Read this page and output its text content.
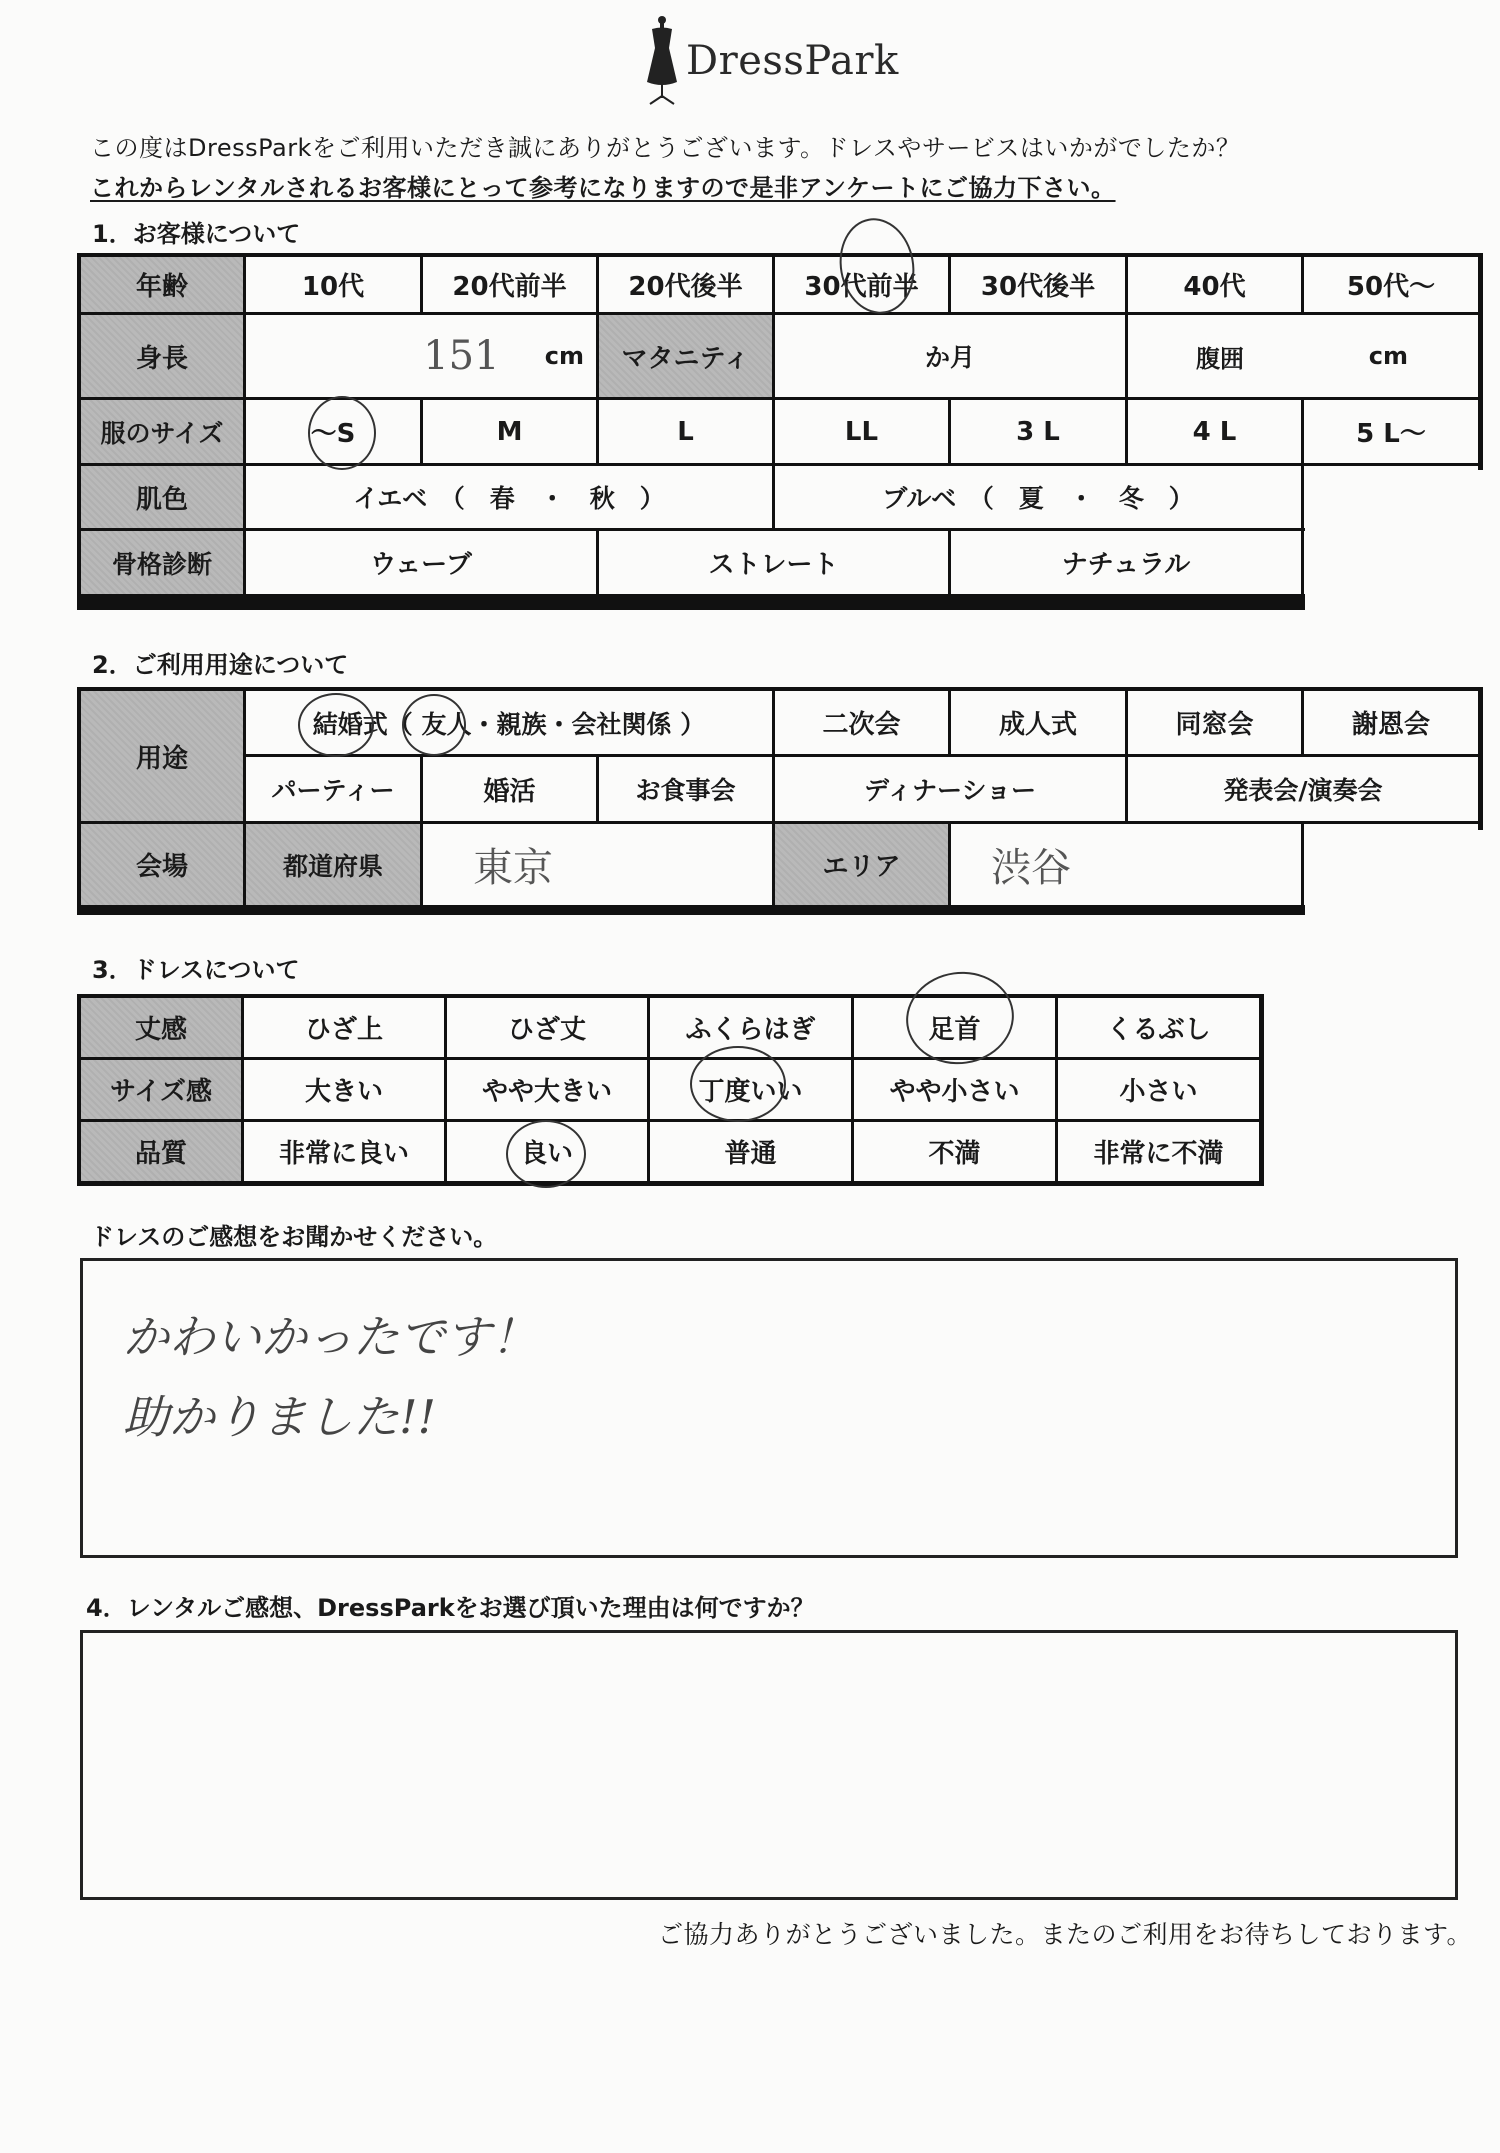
DressPark
この度はDressParkをご利用いただき誠にありがとうございます。ドレスやサービスはいかがでしたか？
これからレンタルされるお客様にとって参考になりますので是非アンケートにご協力下さい。
1．お客様について
年齢	10代	20代前半	20代後半	30代前半	30代後半	40代	50代～
身長	151 cm	マタニティ	か月	腹囲	cm
服のサイズ	～S	M	L	LL	3 L	4 L	5 L～
肌色	イエベ　（　春　・　秋　）	ブルベ　（　夏　・　冬　）
骨格診断	ウェーブ	ストレート	ナチュラル
2．ご利用用途について
用途
結婚式（ 友人・親族・会社関係 ）	二次会	成人式	同窓会	謝恩会
パーティー	婚活	お食事会	ディナーショー	発表会/演奏会
会場	都道府県	東京	エリア	渋谷
3．ドレスについて
丈感	ひざ上	ひざ丈	ふくらはぎ	足首	くるぶし
サイズ感	大きい	やや大きい	丁度いい	やや小さい	小さい
品質	非常に良い	良い	普通	不満	非常に不満
ドレスのご感想をお聞かせください。
かわいかったです！
助かりました!!
4．レンタルご感想、DressParkをお選び頂いた理由は何ですか？
ご協力ありがとうございました。またのご利用をお待ちしております。
